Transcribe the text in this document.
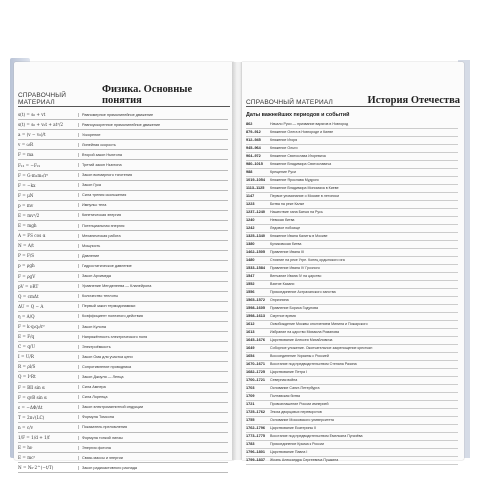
СПРАВОЧНЫЙ МАТЕРИАЛ
Физика. Основные понятия
s(t) = s₀ + vt	Равномерное прямолинейное движение
s(t) = s₀ + v₀t + at²/2	Равноускоренное прямолинейное движение
a = (v − v₀)/t	Ускорение
v = ωR	Линейная скорость
F = ma	Второй закон Ньютона
F₁₂ = −F₂₁	Третий закон Ньютона
F = G·m₁m₂/r²	Закон всемирного тяготения
F = −kx	Закон Гука
F = μN	Сила трения скольжения
p = mv	Импульс тела
E = mv²/2	Кинетическая энергия
E = mgh	Потенциальная энергия
A = FS cos α	Механическая работа
N = A/t	Мощность
P = F/S	Давление
p = ρgh	Гидростатическое давление
F = ρgV	Закон Архимеда
pV = νRT	Уравнение Менделеева — Клапейрона
Q = cmΔt	Количество теплоты
ΔU = Q − A	Первый закон термодинамики
η = A/Q	Коэффициент полезного действия
F = k·q₁q₂/r²	Закон Кулона
E = F/q	Напряжённость электрического поля
C = q/U	Электроёмкость
I = U/R	Закон Ома для участка цепи
R = ρl/S	Сопротивление проводника
Q = I²Rt	Закон Джоуля — Ленца
F = BIl sin α	Сила Ампера
F = qvB sin α	Сила Лоренца
ε = −ΔΦ/Δt	Закон электромагнитной индукции
T = 2π√(LC)	Формула Томсона
n = c/v	Показатель преломления
1/F = 1/d + 1/f	Формула тонкой линзы
E = hν	Энергия фотона
E = mc²	Связь массы и энергии
N = N₀·2^(−t/T)	Закон радиоактивного распада
СПРАВОЧНЫЙ МАТЕРИАЛ	История Отечества
Даты важнейших периодов и событий
862	Начало Руси — призвание варягов в Новгород
879–912	Княжение Олега в Новгороде и Киеве
912–945	Княжение Игоря
945–964	Княжение Ольги
964–972	Княжение Святослава Игоревича
980–1015	Княжение Владимира Святославича
988	Крещение Руси
1019–1054	Княжение Ярослава Мудрого
1113–1125	Княжение Владимира Мономаха в Киеве
1147	Первое упоминание о Москве в летописи
1223	Битва на реке Калке
1237–1240	Нашествие хана Батыя на Русь
1240	Невская битва
1242	Ледовое побоище
1325–1340	Княжение Ивана Калиты в Москве
1380	Куликовская битва
1462–1505	Правление Ивана III
1480	Стояние на реке Угре. Конец ордынского ига
1533–1584	Правление Ивана IV Грозного
1547	Венчание Ивана IV на царство
1552	Взятие Казани
1556	Присоединение Астраханского ханства
1565–1572	Опричнина
1598–1605	Правление Бориса Годунова
1598–1613	Смутное время
1612	Освобождение Москвы ополчением Минина и Пожарского
1613	Избрание на царство Михаила Романова
1645–1676	Царствование Алексея Михайловича
1649	Соборное уложение. Окончательное закрепощение крестьян
1654	Воссоединение Украины с Россией
1670–1671	Восстание под предводительством Степана Разина
1682–1725	Царствование Петра I
1700–1721	Северная война
1703	Основание Санкт-Петербурга
1709	Полтавская битва
1721	Провозглашение России империей
1725–1762	Эпоха дворцовых переворотов
1755	Основание Московского университета
1762–1796	Царствование Екатерины II
1773–1775	Восстание под предводительством Емельяна Пугачёва
1783	Присоединение Крыма к России
1796–1801	Царствование Павла I
1799–1837	Жизнь Александра Сергеевича Пушкина
